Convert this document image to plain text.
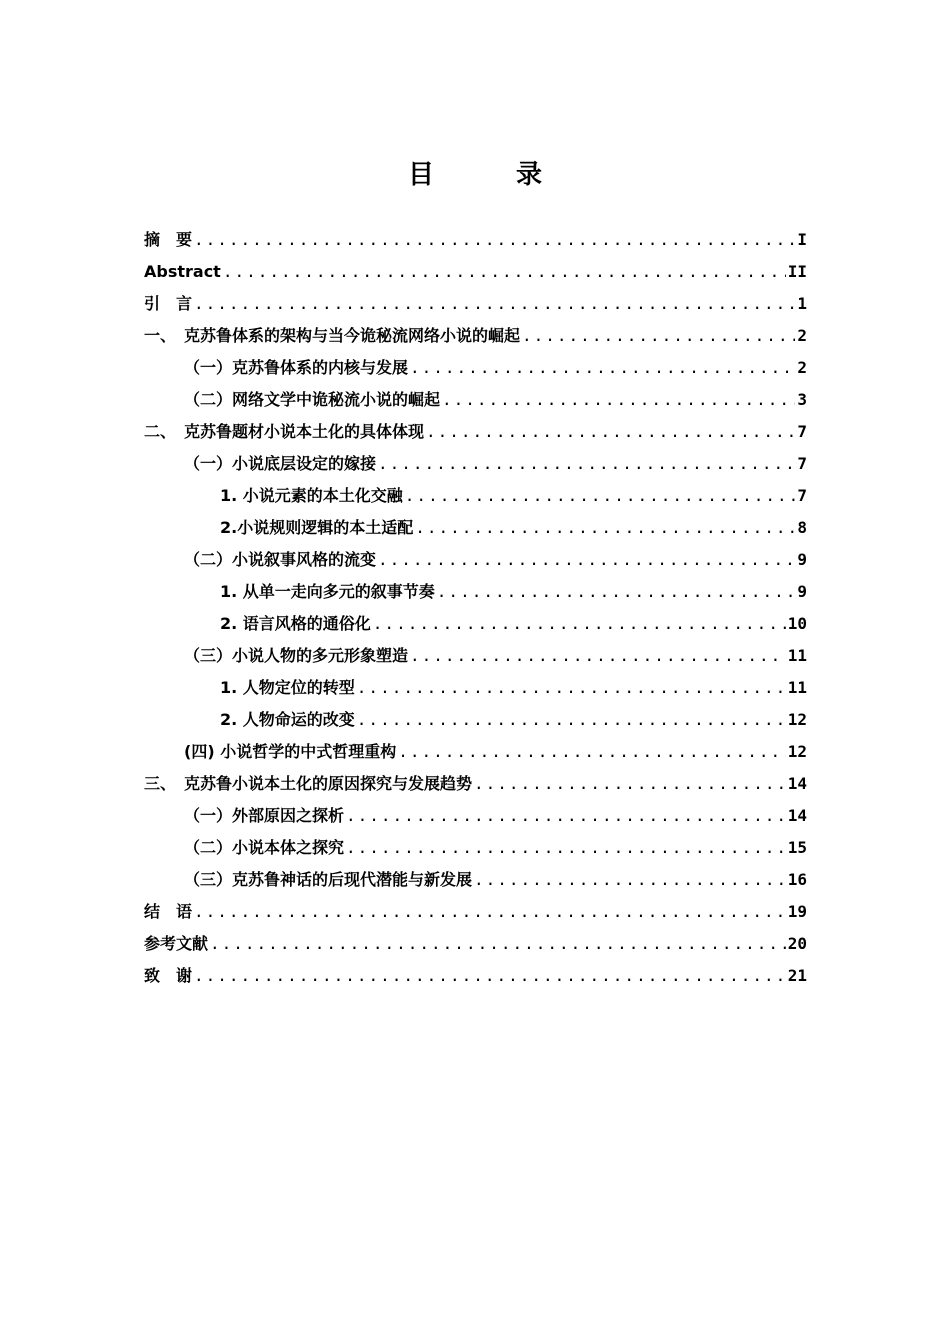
目　录
摘　要 .....	I
Abstract .....	II
引　言 .....	1
一、　克苏鲁体系的架构与当今诡秘流网络小说的崛起 .....	2
（一）克苏鲁体系的内核与发展 .....	2
（二）网络文学中诡秘流小说的崛起 .....	3
二、　克苏鲁题材小说本土化的具体体现 .....	7
（一）小说底层设定的嫁接 .....	7
1. 小说元素的本土化交融 .....	7
2.小说规则逻辑的本土适配 .....	8
（二）小说叙事风格的流变 .....	9
1. 从单一走向多元的叙事节奏 .....	9
2. 语言风格的通俗化 .....	10
（三）小说人物的多元形象塑造 .....	11
1. 人物定位的转型 .....	11
2. 人物命运的改变 .....	12
(四) 小说哲学的中式哲理重构 .....	12
三、　克苏鲁小说本土化的原因探究与发展趋势 .....	14
（一）外部原因之探析 .....	14
（二）小说本体之探究 .....	15
（三）克苏鲁神话的后现代潜能与新发展 .....	16
结　语 .....	19
参考文献 .....	20
致　谢 .....	21
